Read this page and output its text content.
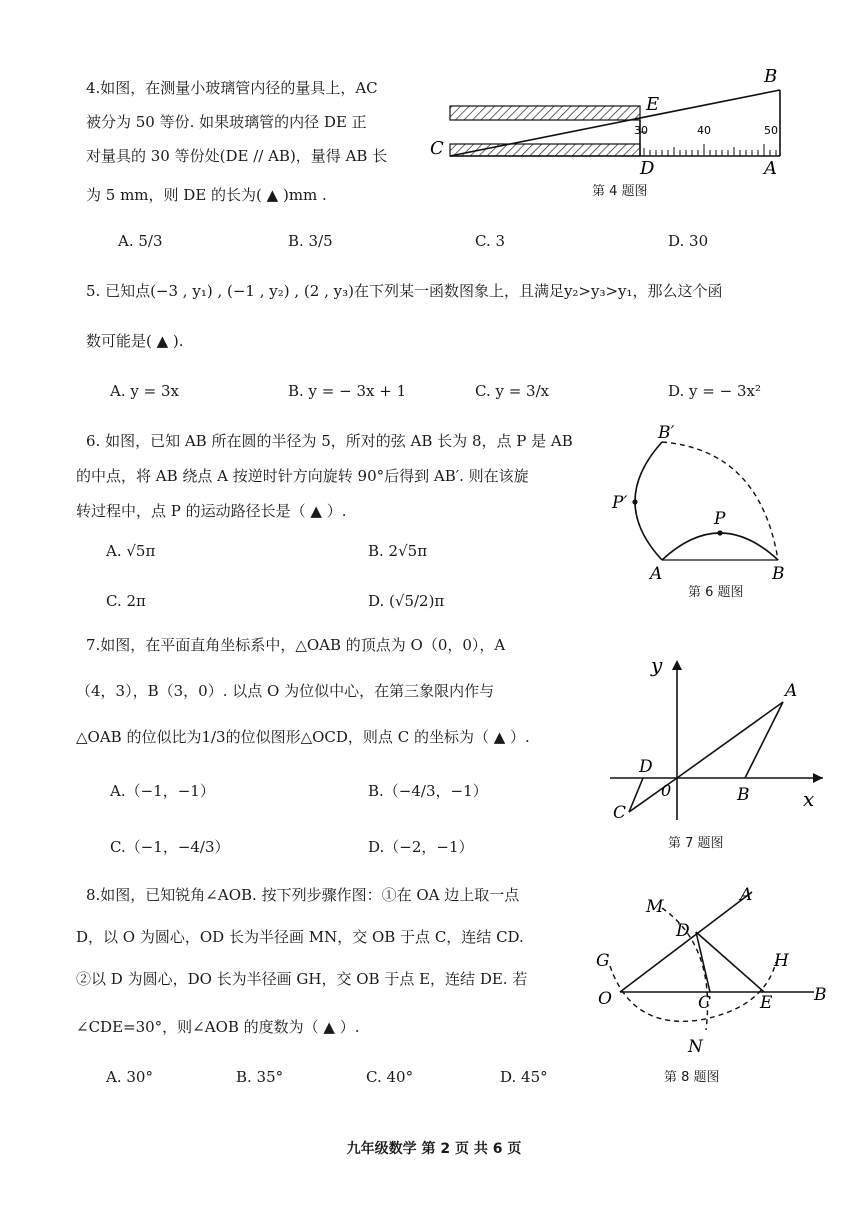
4.如图，在测量小玻璃管内径的量具上，AC
被分为 50 等份. 如果玻璃管的内径 DE 正
对量具的 30 等份处(DE // AB)，量得 AB 长
为 5 mm，则 DE 的长为( ▲ )mm .
A. 5/3	B. 3/5	C. 3	D. 30
30	40	50
B
E
C
D	A
第 4 题图
5. 已知点(−3 , y₁) , (−1 , y₂) , (2 , y₃)在下列某一函数图象上，且满足y₂>y₃>y₁，那么这个函
数可能是( ▲ ).
A. y = 3x	B. y = − 3x + 1	C. y = 3/x	D. y = − 3x²
6. 如图，已知 AB 所在圆的半径为 5，所对的弦 AB 长为 8，点 P 是 AB
的中点，将 AB 绕点 A 按逆时针方向旋转 90°后得到 AB′. 则在该旋
转过程中，点 P 的运动路径长是（ ▲ ）.
A. √5π	B. 2√5π
C. 2π	D. (√5/2)π
B′
P′
P
A	B
第 6 题图
7.如图，在平面直角坐标系中，△OAB 的顶点为 O（0，0），A
（4，3），B（3，0）. 以点 O 为位似中心，在第三象限内作与
△OAB 的位似比为1/3的位似图形△OCD，则点 C 的坐标为（ ▲ ）.
A.（−1，−1）	B.（−4/3，−1）
C.（−1，−4/3）	D.（−2，−1）
y
x
A
B
D
0
C
第 7 题图
8.如图，已知锐角∠AOB. 按下列步骤作图：①在 OA 边上取一点
D，以 O 为圆心，OD 长为半径画 MN，交 OB 于点 C，连结 CD.
②以 D 为圆心，DO 长为半径画 GH，交 OB 于点 E，连结 DE. 若
∠CDE=30°，则∠AOB 的度数为（ ▲ ）.
A. 30°	B. 35°	C. 40°	D. 45°
M
A
D
G	H
O	C	E B
N
第 8 题图
九年级数学 第 2 页 共 6 页
